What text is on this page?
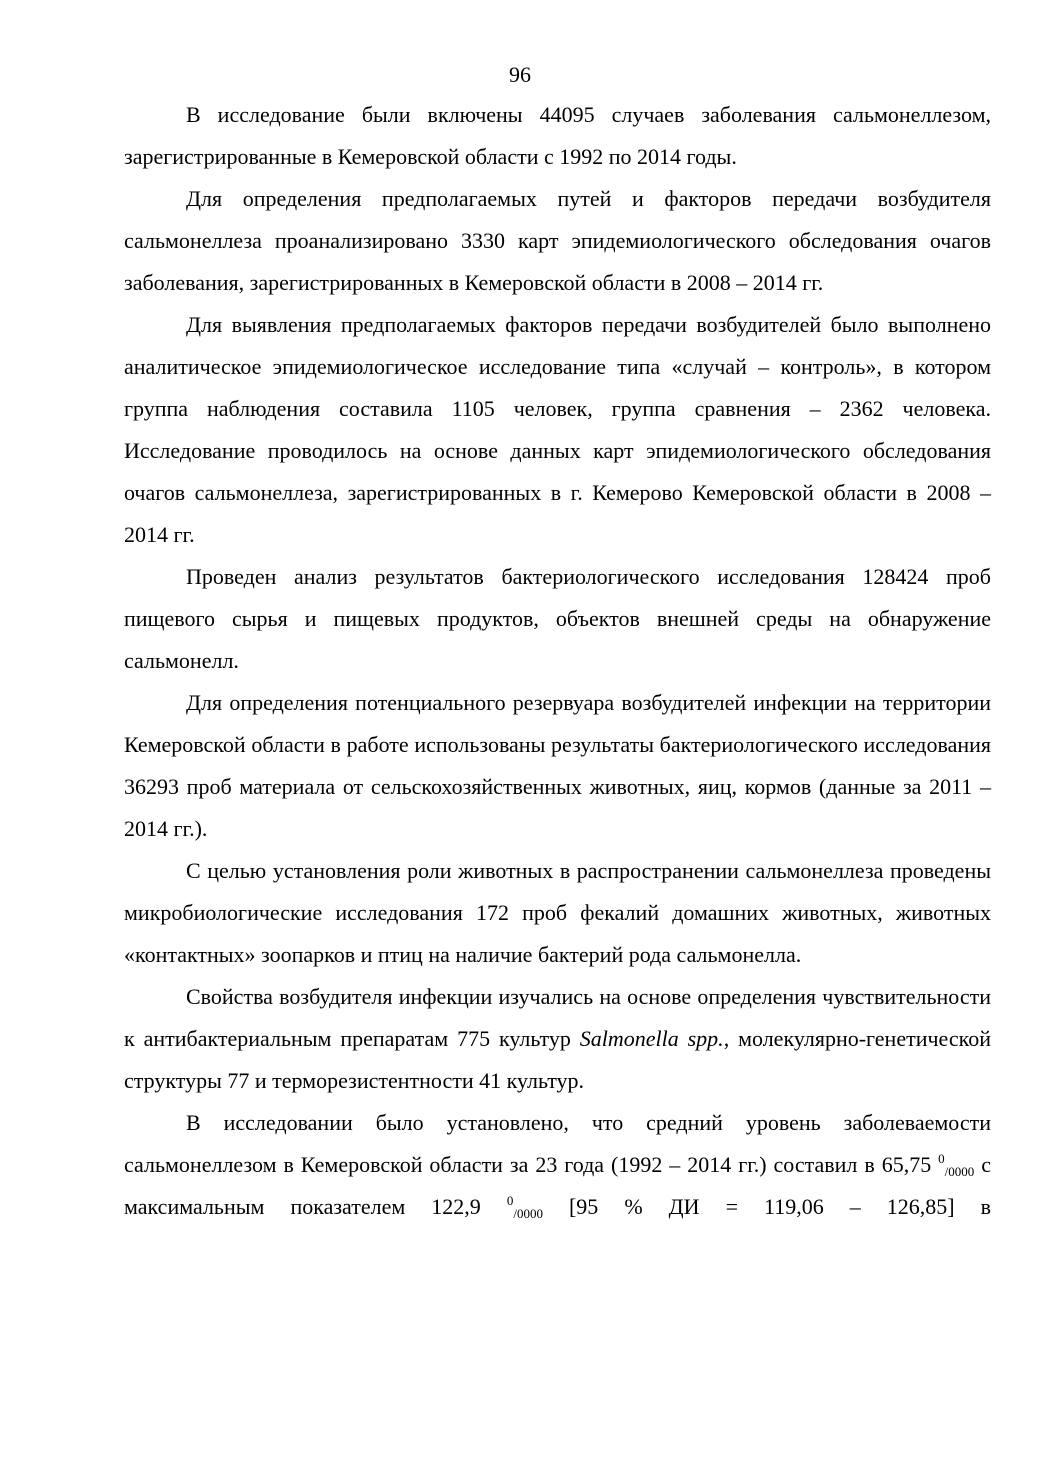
96

В исследование были включены 44095 случаев заболевания сальмонеллезом, зарегистрированные в Кемеровской области с 1992 по 2014 годы.

Для определения предполагаемых путей и факторов передачи возбудителя сальмонеллеза проанализировано 3330 карт эпидемиологического обследования очагов заболевания, зарегистрированных в Кемеровской области в 2008 – 2014 гг.

Для выявления предполагаемых факторов передачи возбудителей было выполнено аналитическое эпидемиологическое исследование типа «случай – контроль», в котором группа наблюдения составила 1105 человек, группа сравнения – 2362 человека. Исследование проводилось на основе данных карт эпидемиологического обследования очагов сальмонеллеза, зарегистрированных в г. Кемерово Кемеровской области в 2008 – 2014 гг.

Проведен анализ результатов бактериологического исследования 128424 проб пищевого сырья и пищевых продуктов, объектов внешней среды на обнаружение сальмонелл.

Для определения потенциального резервуара возбудителей инфекции на территории Кемеровской области в работе использованы результаты бактериологического исследования 36293 проб материала от сельскохозяйственных животных, яиц, кормов (данные за 2011 – 2014 гг.).

С целью установления роли животных в распространении сальмонеллеза проведены микробиологические исследования 172 проб фекалий домашних животных, животных «контактных» зоопарков и птиц на наличие бактерий рода сальмонелла.

Свойства возбудителя инфекции изучались на основе определения чувствительности к антибактериальным препаратам 775 культур Salmonella spp., молекулярно-генетической структуры 77 и терморезистентности 41 культур.

В исследовании было установлено, что средний уровень заболеваемости сальмонеллезом в Кемеровской области за 23 года (1992 – 2014 гг.) составил в 65,75 $^0_{/0000}$ с максимальным показателем 122,9 $^0_{/0000}$ [95 % ДИ = 119,06 – 126,85] в
